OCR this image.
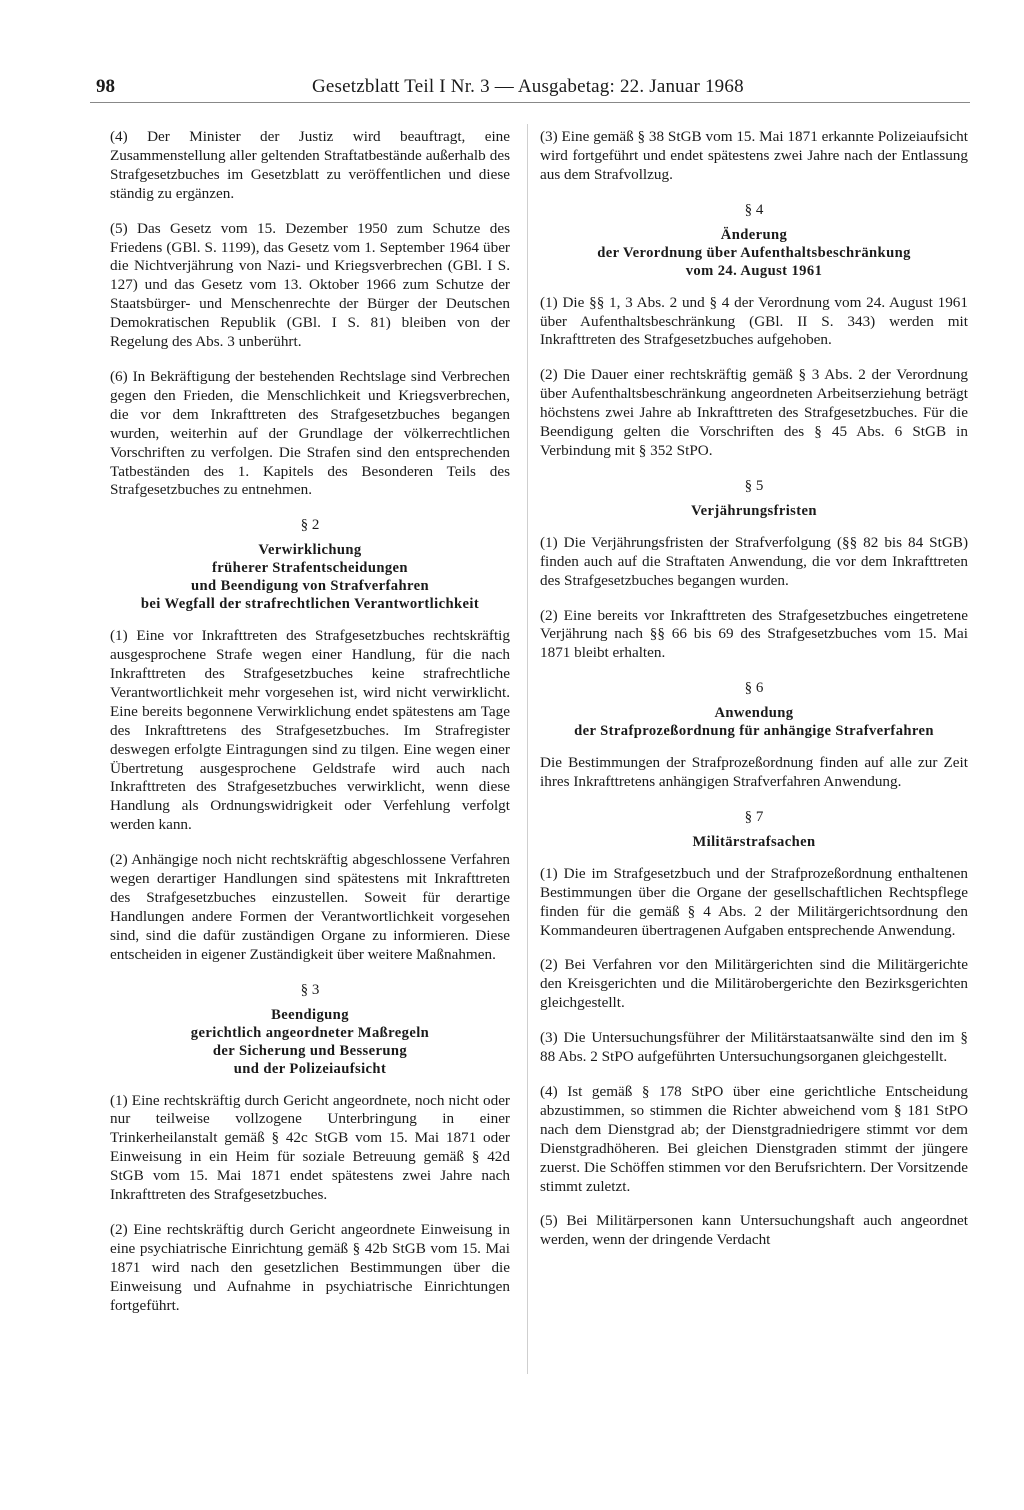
98	Gesetzblatt Teil I Nr. 3 — Ausgabetag: 22. Januar 1968

(4) Der Minister der Justiz wird beauftragt, eine Zusammenstellung aller geltenden Straftatbestände außerhalb des Strafgesetzbuches im Gesetzblatt zu veröffentlichen und diese ständig zu ergänzen.

(5) Das Gesetz vom 15. Dezember 1950 zum Schutze des Friedens (GBl. S. 1199), das Gesetz vom 1. September 1964 über die Nichtverjährung von Nazi- und Kriegsverbrechen (GBl. I S. 127) und das Gesetz vom 13. Oktober 1966 zum Schutze der Staatsbürger- und Menschenrechte der Bürger der Deutschen Demokratischen Republik (GBl. I S. 81) bleiben von der Regelung des Abs. 3 unberührt.

(6) In Bekräftigung der bestehenden Rechtslage sind Verbrechen gegen den Frieden, die Menschlichkeit und Kriegsverbrechen, die vor dem Inkrafttreten des Strafgesetzbuches begangen wurden, weiterhin auf der Grundlage der völkerrechtlichen Vorschriften zu verfolgen. Die Strafen sind den entsprechenden Tatbeständen des 1. Kapitels des Besonderen Teils des Strafgesetzbuches zu entnehmen.

§ 2
Verwirklichung
früherer Strafentscheidungen
und Beendigung von Strafverfahren
bei Wegfall der strafrechtlichen Verantwortlichkeit

(1) Eine vor Inkrafttreten des Strafgesetzbuches rechtskräftig ausgesprochene Strafe wegen einer Handlung, für die nach Inkrafttreten des Strafgesetzbuches keine strafrechtliche Verantwortlichkeit mehr vorgesehen ist, wird nicht verwirklicht. Eine bereits begonnene Verwirklichung endet spätestens am Tage des Inkrafttretens des Strafgesetzbuches. Im Strafregister deswegen erfolgte Eintragungen sind zu tilgen. Eine wegen einer Übertretung ausgesprochene Geldstrafe wird auch nach Inkrafttreten des Strafgesetzbuches verwirklicht, wenn diese Handlung als Ordnungswidrigkeit oder Verfehlung verfolgt werden kann.

(2) Anhängige noch nicht rechtskräftig abgeschlossene Verfahren wegen derartiger Handlungen sind spätestens mit Inkrafttreten des Strafgesetzbuches einzustellen. Soweit für derartige Handlungen andere Formen der Verantwortlichkeit vorgesehen sind, sind die dafür zuständigen Organe zu informieren. Diese entscheiden in eigener Zuständigkeit über weitere Maßnahmen.

§ 3
Beendigung
gerichtlich angeordneter Maßregeln
der Sicherung und Besserung
und der Polizeiaufsicht

(1) Eine rechtskräftig durch Gericht angeordnete, noch nicht oder nur teilweise vollzogene Unterbringung in einer Trinkerheilanstalt gemäß § 42c StGB vom 15. Mai 1871 oder Einweisung in ein Heim für soziale Betreuung gemäß § 42d StGB vom 15. Mai 1871 endet spätestens zwei Jahre nach Inkrafttreten des Strafgesetzbuches.

(2) Eine rechtskräftig durch Gericht angeordnete Einweisung in eine psychiatrische Einrichtung gemäß § 42b StGB vom 15. Mai 1871 wird nach den gesetzlichen Bestimmungen über die Einweisung und Aufnahme in psychiatrische Einrichtungen fortgeführt.

(3) Eine gemäß § 38 StGB vom 15. Mai 1871 erkannte Polizeiaufsicht wird fortgeführt und endet spätestens zwei Jahre nach der Entlassung aus dem Strafvollzug.

§ 4
Änderung
der Verordnung über Aufenthaltsbeschränkung
vom 24. August 1961

(1) Die §§ 1, 3 Abs. 2 und § 4 der Verordnung vom 24. August 1961 über Aufenthaltsbeschränkung (GBl. II S. 343) werden mit Inkrafttreten des Strafgesetzbuches aufgehoben.

(2) Die Dauer einer rechtskräftig gemäß § 3 Abs. 2 der Verordnung über Aufenthaltsbeschränkung angeordneten Arbeitserziehung beträgt höchstens zwei Jahre ab Inkrafttreten des Strafgesetzbuches. Für die Beendigung gelten die Vorschriften des § 45 Abs. 6 StGB in Verbindung mit § 352 StPO.

§ 5
Verjährungsfristen

(1) Die Verjährungsfristen der Strafverfolgung (§§ 82 bis 84 StGB) finden auch auf die Straftaten Anwendung, die vor dem Inkrafttreten des Strafgesetzbuches begangen wurden.

(2) Eine bereits vor Inkrafttreten des Strafgesetzbuches eingetretene Verjährung nach §§ 66 bis 69 des Strafgesetzbuches vom 15. Mai 1871 bleibt erhalten.

§ 6
Anwendung
der Strafprozeßordnung für anhängige Strafverfahren

Die Bestimmungen der Strafprozeßordnung finden auf alle zur Zeit ihres Inkrafttretens anhängigen Strafverfahren Anwendung.

§ 7
Militärstrafsachen

(1) Die im Strafgesetzbuch und der Strafprozeßordnung enthaltenen Bestimmungen über die Organe der gesellschaftlichen Rechtspflege finden für die gemäß § 4 Abs. 2 der Militärgerichtsordnung den Kommandeuren übertragenen Aufgaben entsprechende Anwendung.

(2) Bei Verfahren vor den Militärgerichten sind die Militärgerichte den Kreisgerichten und die Militärobergerichte den Bezirksgerichten gleichgestellt.

(3) Die Untersuchungsführer der Militärstaatsanwälte sind den im § 88 Abs. 2 StPO aufgeführten Untersuchungsorganen gleichgestellt.

(4) Ist gemäß § 178 StPO über eine gerichtliche Entscheidung abzustimmen, so stimmen die Richter abweichend vom § 181 StPO nach dem Dienstgrad ab; der Dienstgradniedrigere stimmt vor dem Dienstgradhöheren. Bei gleichen Dienstgraden stimmt der jüngere zuerst. Die Schöffen stimmen vor den Berufsrichtern. Der Vorsitzende stimmt zuletzt.

(5) Bei Militärpersonen kann Untersuchungshaft auch angeordnet werden, wenn der dringende Verdacht
